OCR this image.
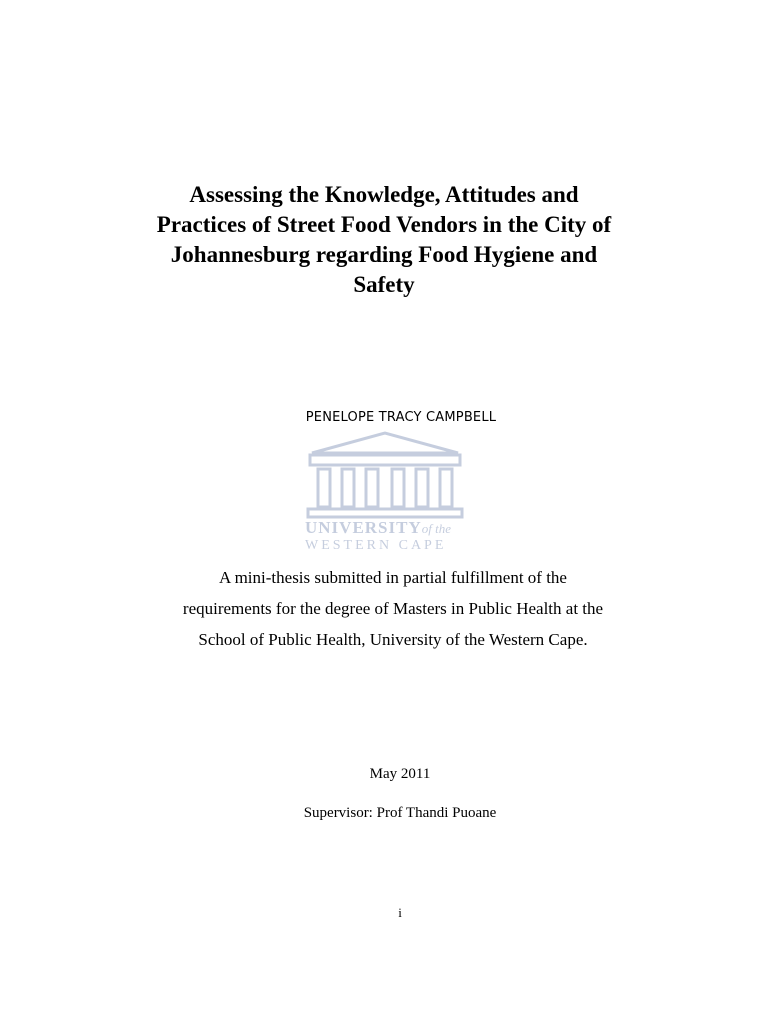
Assessing the Knowledge, Attitudes and
Practices of Street Food Vendors in the City of
Johannesburg regarding Food Hygiene and
Safety
PENELOPE TRACY CAMPBELL
UNIVERSITYof the
WESTERN CAPE
A mini-thesis submitted in partial fulfillment of the
requirements for the degree of Masters in Public Health at the
School of Public Health, University of the Western Cape.
May 2011
Supervisor: Prof Thandi Puoane
i
